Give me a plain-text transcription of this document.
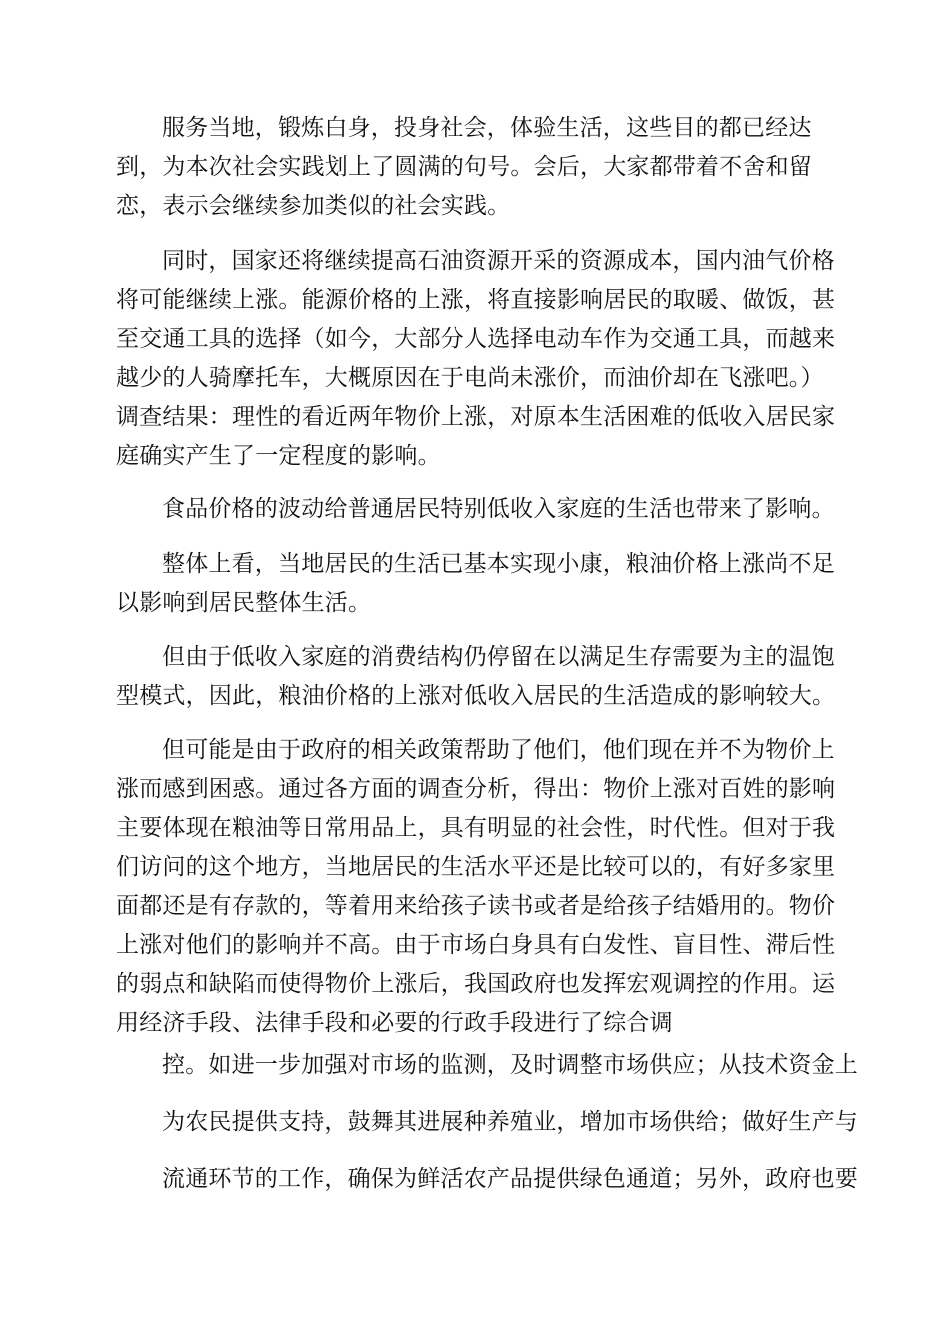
服务当地，锻炼白身，投身社会，体验生活，这些目的都已经达到，为本次社会实践划上了圆满的句号。会后，大家都带着不舍和留恋，表示会继续参加类似的社会实践。

同时，国家还将继续提高石油资源开采的资源成本，国内油气价格将可能继续上涨。能源价格的上涨，将直接影响居民的取暖、做饭，甚至交通工具的选择（如今，大部分人选择电动车作为交通工具，而越来越少的人骑摩托车，大概原因在于电尚未涨价，而油价却在飞涨吧。）调查结果：理性的看近两年物价上涨，对原本生活困难的低收入居民家庭确实产生了一定程度的影响。

食品价格的波动给普通居民特别低收入家庭的生活也带来了影响。

整体上看，当地居民的生活已基本实现小康，粮油价格上涨尚不足以影响到居民整体生活。

但由于低收入家庭的消费结构仍停留在以满足生存需要为主的温饱型模式，因此，粮油价格的上涨对低收入居民的生活造成的影响较大。

但可能是由于政府的相关政策帮助了他们，他们现在并不为物价上涨而感到困惑。通过各方面的调查分析，得出：物价上涨对百姓的影响主要体现在粮油等日常用品上，具有明显的社会性，时代性。但对于我们访问的这个地方，当地居民的生活水平还是比较可以的，有好多家里面都还是有存款的，等着用来给孩子读书或者是给孩子结婚用的。物价上涨对他们的影响并不高。由于市场白身具有白发性、盲目性、滞后性的弱点和缺陷而使得物价上涨后，我国政府也发挥宏观调控的作用。运用经济手段、法律手段和必要的行政手段进行了综合调

控。如进一步加强对市场的监测，及时调整市场供应；从技术资金上

为农民提供支持，鼓舞其进展种养殖业，增加市场供给；做好生产与

流通环节的工作，确保为鲜活农产品提供绿色通道；另外，政府也要
